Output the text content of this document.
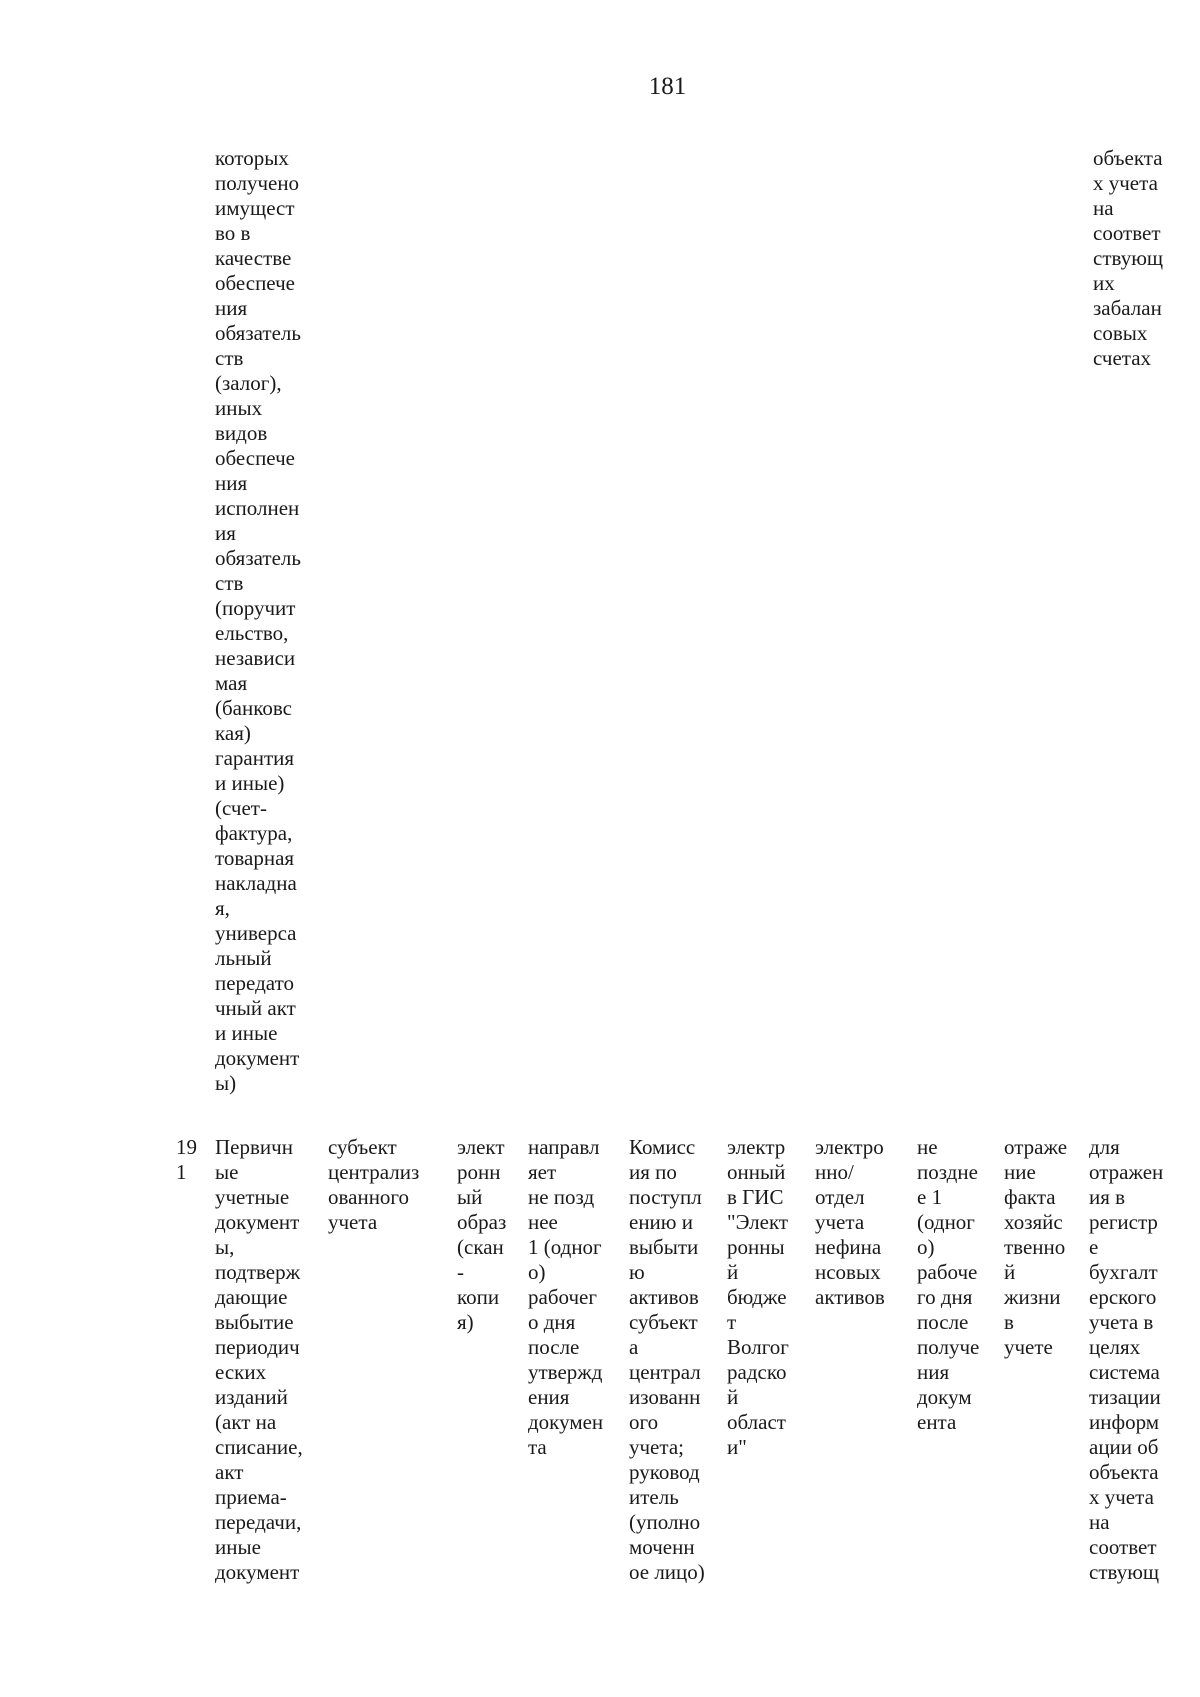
181
которых
получено
имущест
во в
качестве
обеспече
ния
обязатель
ств
(залог),
иных
видов
обеспече
ния
исполнен
ия
обязатель
ств
(поручит
ельство,
независи
мая
(банковс
кая)
гарантия
и иные)
(счет-
фактура,
товарная
накладна
я,
универса
льный
передато
чный акт
и иные
документ
ы)
объекта
х учета
на
соответ
ствующ
их
забалан
совых
счетах
19
1
Первичн
ые
учетные
документ
ы,
подтверж
дающие
выбытие
периодич
еских
изданий
(акт на
списание,
акт
приема-
передачи,
иные
документ
субъект
централиз
ованного
учета
элект
ронн
ый
образ
(скан
-
копи
я)
направл
яет
не позд
нее
1 (одног
о)
рабочег
о дня
после
утвержд
ения
докумен
та
Комисс
ия по
поступл
ению и
выбыти
ю
активов
субъект
а
централ
изованн
ого
учета;
руковод
итель
(уполно
моченн
ое лицо)
электр
онный
в ГИС
"Элект
ронны
й
бюдже
т
Волгог
радско
й
област
и"
электро
нно/
отдел
учета
нефина
нсовых
активов
не
поздне
е 1
(одног
о)
рабоче
го дня
после
получе
ния
докум
ента
отраже
ние
факта
хозяйс
твенно
й
жизни
в
учете
для
отражен
ия в
регистр
е
бухгалт
ерского
учета в
целях
система
тизации
информ
ации об
объекта
х учета
на
соответ
ствующ
